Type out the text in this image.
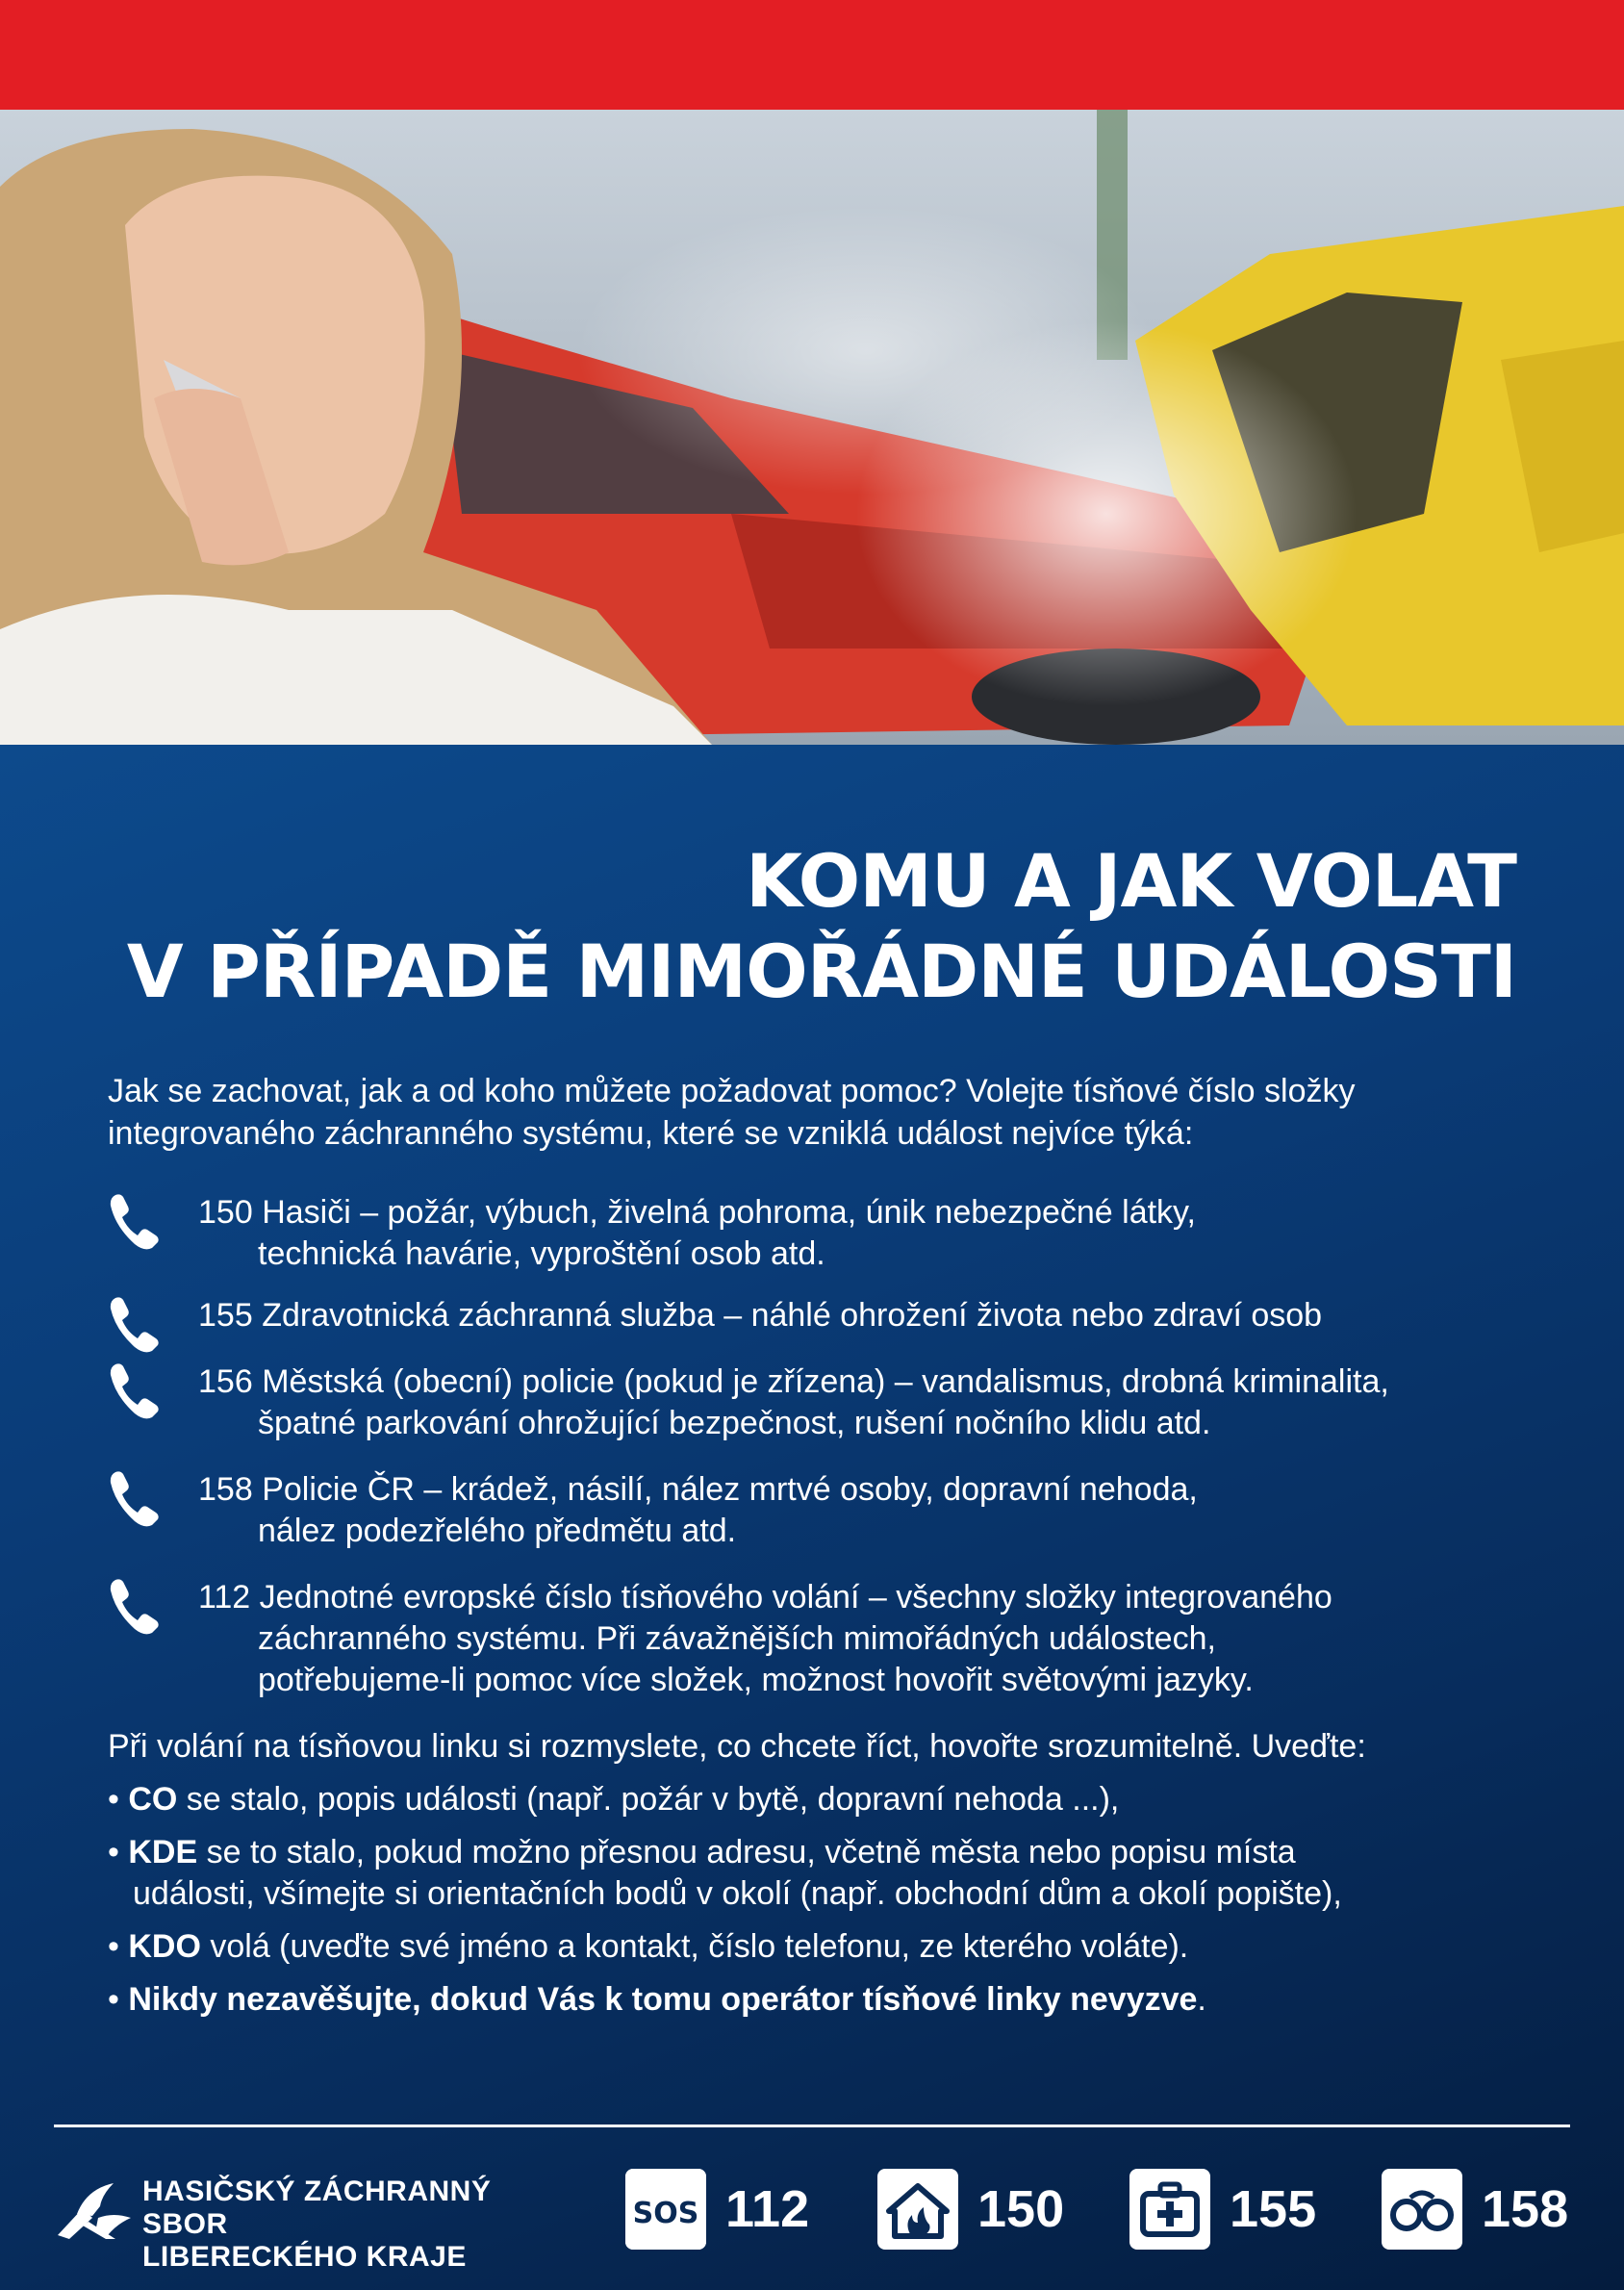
KOMU A JAK VOLAT
V PŘÍPADĚ MIMOŘÁDNÉ UDÁLOSTI
Jak se zachovat, jak a od koho můžete požadovat pomoc? Volejte tísňové číslo složky
integrovaného záchranného systému, které se vzniklá událost nejvíce týká:
150 Hasiči – požár, výbuch, živelná pohroma, únik nebezpečné látky,
technická havárie, vyproštění osob atd.
155 Zdravotnická záchranná služba – náhlé ohrožení života nebo zdraví osob
156 Městská (obecní) policie (pokud je zřízena) – vandalismus, drobná kriminalita,
špatné parkování ohrožující bezpečnost, rušení nočního klidu atd.
158 Policie ČR – krádež, násilí, nález mrtvé osoby, dopravní nehoda,
nález podezřelého předmětu atd.
112 Jednotné evropské číslo tísňového volání – všechny složky integrovaného
záchranného systému. Při závažnějších mimořádných událostech,
potřebujeme-li pomoc více složek, možnost hovořit světovými jazyky.

Při volání na tísňovou linku si rozmyslete, co chcete říct, hovořte srozumitelně. Uveďte:

• CO se stalo, popis události (např. požár v bytě, dopravní nehoda ...),

• KDE se to stalo, pokud možno přesnou adresu, včetně města nebo popisu místa
události, všímejte si orientačních bodů v okolí (např. obchodní dům a okolí popište),

• KDO volá (uveďte své jméno a kontakt, číslo telefonu, ze kterého voláte).

• Nikdy nezavěšujte, dokud Vás k tomu operátor tísňové linky nevyzve.

HASIČSKÝ ZÁCHRANNÝ SBOR
LIBERECKÉHO KRAJE
SOS 112	150	155	158
